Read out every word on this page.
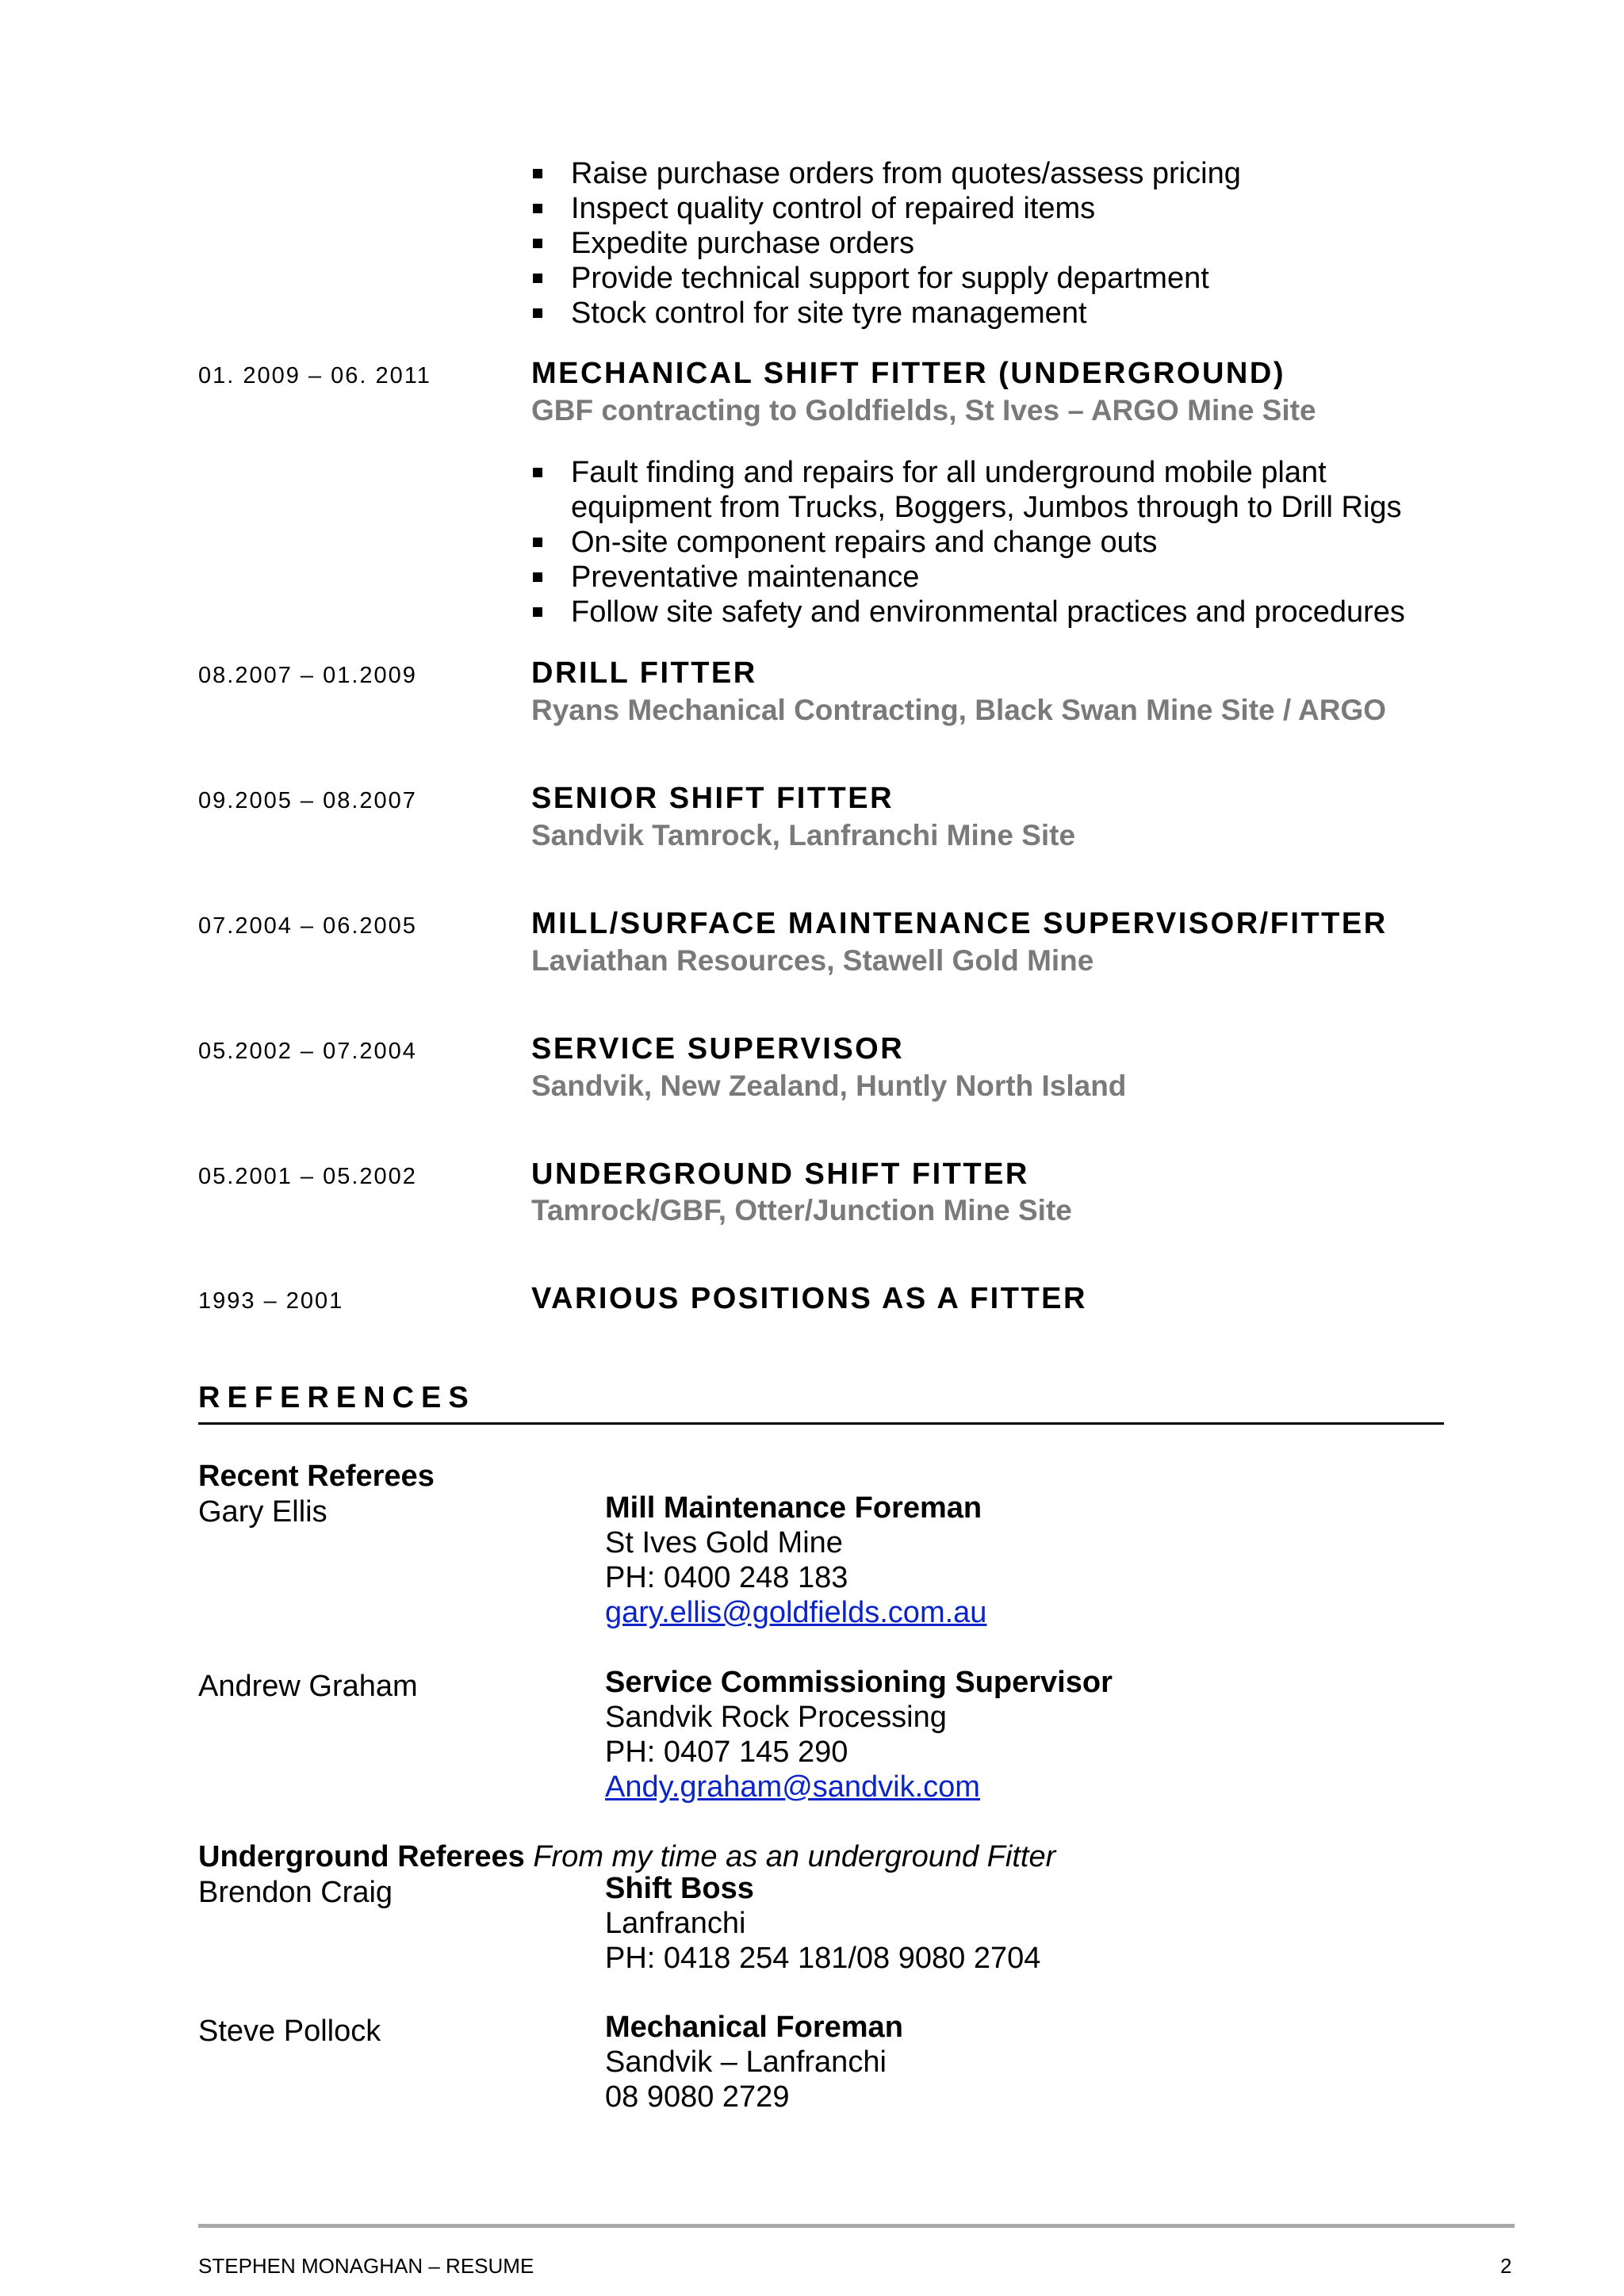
Raise purchase orders from quotes/assess pricing
Inspect quality control of repaired items
Expedite purchase orders
Provide technical support for supply department
Stock control for site tyre management
01. 2009 – 06. 2011	MECHANICAL SHIFT FITTER (UNDERGROUND)
GBF contracting to Goldfields, St Ives – ARGO Mine Site
Fault finding and repairs for all underground mobile plant
equipment from Trucks, Boggers, Jumbos through to Drill Rigs
On-site component repairs and change outs
Preventative maintenance
Follow site safety and environmental practices and procedures
08.2007 – 01.2009	DRILL FITTER
Ryans Mechanical Contracting, Black Swan Mine Site / ARGO
09.2005 – 08.2007	SENIOR SHIFT FITTER
Sandvik Tamrock, Lanfranchi Mine Site
07.2004 – 06.2005	MILL/SURFACE MAINTENANCE SUPERVISOR/FITTER
Laviathan Resources, Stawell Gold Mine
05.2002 – 07.2004	SERVICE SUPERVISOR
Sandvik, New Zealand, Huntly North Island
05.2001 – 05.2002	UNDERGROUND SHIFT FITTER
Tamrock/GBF, Otter/Junction Mine Site
1993 – 2001	VARIOUS POSITIONS AS A FITTER
REFERENCES
Recent Referees
Gary Ellis	Mill Maintenance Foreman
St Ives Gold Mine
PH: 0400 248 183
gary.ellis@goldfields.com.au
Andrew Graham	Service Commissioning Supervisor
Sandvik Rock Processing
PH: 0407 145 290
Andy.graham@sandvik.com
Underground Referees From my time as an underground Fitter
Brendon Craig	Shift Boss
Lanfranchi
PH: 0418 254 181/08 9080 2704
Steve Pollock	Mechanical Foreman
Sandvik – Lanfranchi
08 9080 2729
STEPHEN MONAGHAN – RESUME	2
